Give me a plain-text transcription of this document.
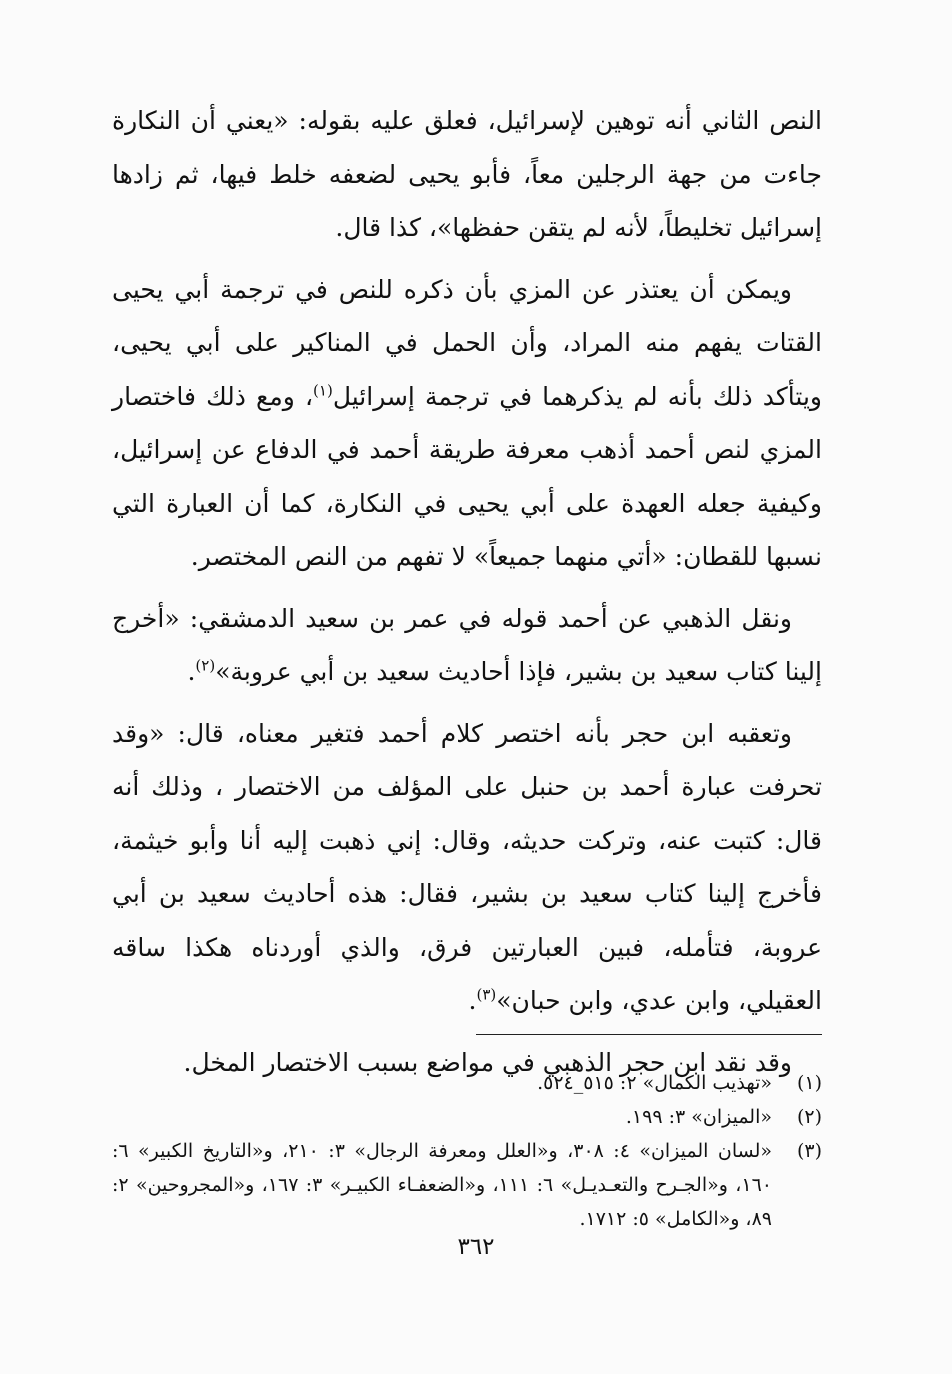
النص الثاني أنه توهين لإسرائيل، فعلق عليه بقوله: «يعني أن النكارة جاءت من جهة الرجلين معاً، فأبو يحيى لضعفه خلط فيها، ثم زادها إسرائيل تخليطاً، لأنه لم يتقن حفظها»، كذا قال.

ويمكن أن يعتذر عن المزي بأن ذكره للنص في ترجمة أبي يحيى القتات يفهم منه المراد، وأن الحمل في المناكير على أبي يحيى، ويتأكد ذلك بأنه لم يذكرهما في ترجمة إسرائيل$^{(١)}$، ومع ذلك فاختصار المزي لنص أحمد أذهب معرفة طريقة أحمد في الدفاع عن إسرائيل، وكيفية جعله العهدة على أبي يحيى في النكارة، كما أن العبارة التي نسبها للقطان: «أتي منهما جميعاً» لا تفهم من النص المختصر.

ونقل الذهبي عن أحمد قوله في عمر بن سعيد الدمشقي: «أخرج إلينا كتاب سعيد بن بشير، فإذا أحاديث سعيد بن أبي عروبة»$^{(٢)}$.

وتعقبه ابن حجر بأنه اختصر كلام أحمد فتغير معناه، قال: «وقد تحرفت عبارة أحمد بن حنبل على المؤلف من الاختصار ، وذلك أنه قال: كتبت عنه، وتركت حديثه، وقال: إني ذهبت إليه أنا وأبو خيثمة، فأخرج إلينا كتاب سعيد بن بشير، فقال: هذه أحاديث سعيد بن أبي عروبة، فتأمله، فبين العبارتين فرق، والذي أوردناه هكذا ساقه العقيلي، وابن عدي، وابن حبان»$^{(٣)}$.

وقد نقد ابن حجر الذهبي في مواضع بسبب الاختصار المخل.

(١)
«تهذيب الكمال» ٢: ٥١٥_٥٢٤.
(٢)
«الميزان» ٣: ١٩٩.
(٣)
«لسان الميزان» ٤: ٣٠٨، و«العلل ومعرفة الرجال» ٣: ٢١٠، و«التاريخ الكبير» ٦: ١٦٠، و«الجـرح والتعـديـل» ٦: ١١١، و«الضعفـاء الكبيـر» ٣: ١٦٧، و«المجروحين» ٢: ٨٩، و«الكامل» ٥: ١٧١٢.
٣٦٢
